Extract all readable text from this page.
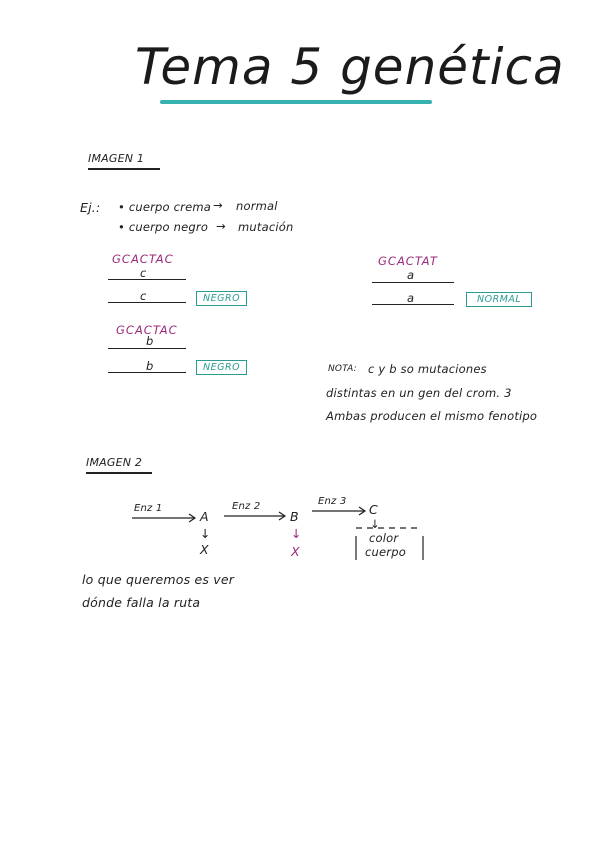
Tema 5 genética
IMAGEN 1
Ej.: • cuerpo crema → normal
• cuerpo negro → mutación
GCACTAC
c
c	NEGRO
GCACTAC
b
b	NEGRO
GCACTAT
a
a	NORMAL
NOTA: c y b so mutaciones
distintas en un gen del crom. 3
Ambas producen el mismo fenotipo
IMAGEN 2
Enz 1	Enz 2	Enz 3
A
↓
X
B
↓
X
C
↓
color
cuerpo
lo que queremos es ver
dónde falla la ruta
